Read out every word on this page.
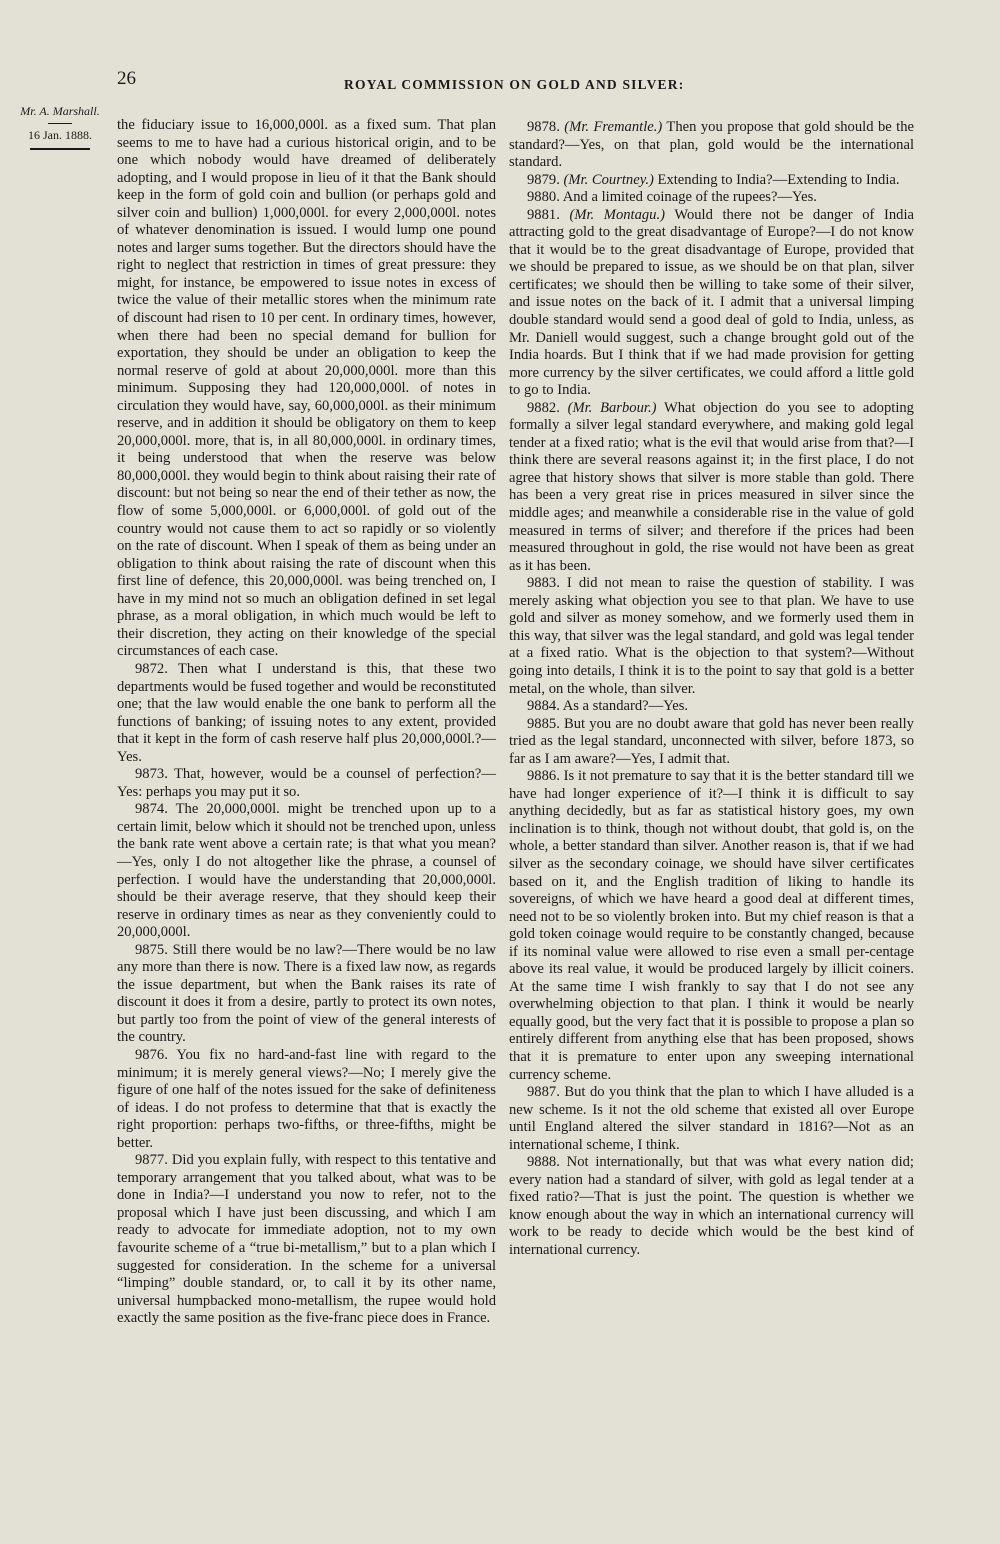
26	ROYAL COMMISSION ON GOLD AND SILVER:
Mr. A. Marshall.
16 Jan. 1888.

the fiduciary issue to 16,000,000l. as a fixed sum. That plan seems to me to have had a curious historical origin, and to be one which nobody would have dreamed of deliberately adopting, and I would propose in lieu of it that the Bank should keep in the form of gold coin and bullion (or perhaps gold and silver coin and bullion) 1,000,000l. for every 2,000,000l. notes of whatever denomination is issued. I would lump one pound notes and larger sums together. But the directors should have the right to neglect that restriction in times of great pressure: they might, for instance, be empowered to issue notes in excess of twice the value of their metallic stores when the minimum rate of discount had risen to 10 per cent. In ordinary times, however, when there had been no special demand for bullion for exportation, they should be under an obligation to keep the normal reserve of gold at about 20,000,000l. more than this minimum. Supposing they had 120,000,000l. of notes in circulation they would have, say, 60,000,000l. as their minimum reserve, and in addition it should be obligatory on them to keep 20,000,000l. more, that is, in all 80,000,000l. in ordinary times, it being understood that when the reserve was below 80,000,000l. they would begin to think about raising their rate of discount: but not being so near the end of their tether as now, the flow of some 5,000,000l. or 6,000,000l. of gold out of the country would not cause them to act so rapidly or so violently on the rate of discount. When I speak of them as being under an obligation to think about raising the rate of discount when this first line of defence, this 20,000,000l. was being trenched on, I have in my mind not so much an obligation defined in set legal phrase, as a moral obligation, in which much would be left to their discretion, they acting on their knowledge of the special circumstances of each case.

9872. Then what I understand is this, that these two departments would be fused together and would be reconstituted one; that the law would enable the one bank to perform all the functions of banking; of issuing notes to any extent, provided that it kept in the form of cash reserve half plus 20,000,000l.?—Yes.

9873. That, however, would be a counsel of perfection?—Yes: perhaps you may put it so.

9874. The 20,000,000l. might be trenched upon up to a certain limit, below which it should not be trenched upon, unless the bank rate went above a certain rate; is that what you mean?—Yes, only I do not altogether like the phrase, a counsel of perfection. I would have the understanding that 20,000,000l. should be their average reserve, that they should keep their reserve in ordinary times as near as they conveniently could to 20,000,000l.

9875. Still there would be no law?—There would be no law any more than there is now. There is a fixed law now, as regards the issue department, but when the Bank raises its rate of discount it does it from a desire, partly to protect its own notes, but partly too from the point of view of the general interests of the country.

9876. You fix no hard-and-fast line with regard to the minimum; it is merely general views?—No; I merely give the figure of one half of the notes issued for the sake of definiteness of ideas. I do not profess to determine that that is exactly the right proportion: perhaps two-fifths, or three-fifths, might be better.

9877. Did you explain fully, with respect to this tentative and temporary arrangement that you talked about, what was to be done in India?—I understand you now to refer, not to the proposal which I have just been discussing, and which I am ready to advocate for immediate adoption, not to my own favourite scheme of a “true bi-metallism,” but to a plan which I suggested for consideration. In the scheme for a universal “limping” double standard, or, to call it by its other name, universal humpbacked mono-metallism, the rupee would hold exactly the same position as the five-franc piece does in France.

9878. (Mr. Fremantle.) Then you propose that gold should be the standard?—Yes, on that plan, gold would be the international standard.

9879. (Mr. Courtney.) Extending to India?—Extending to India.

9880. And a limited coinage of the rupees?—Yes.

9881. (Mr. Montagu.) Would there not be danger of India attracting gold to the great disadvantage of Europe?—I do not know that it would be to the great disadvantage of Europe, provided that we should be prepared to issue, as we should be on that plan, silver certificates; we should then be willing to take some of their silver, and issue notes on the back of it. I admit that a universal limping double standard would send a good deal of gold to India, unless, as Mr. Daniell would suggest, such a change brought gold out of the India hoards. But I think that if we had made provision for getting more currency by the silver certificates, we could afford a little gold to go to India.

9882. (Mr. Barbour.) What objection do you see to adopting formally a silver legal standard everywhere, and making gold legal tender at a fixed ratio; what is the evil that would arise from that?—I think there are several reasons against it; in the first place, I do not agree that history shows that silver is more stable than gold. There has been a very great rise in prices measured in silver since the middle ages; and meanwhile a considerable rise in the value of gold measured in terms of silver; and therefore if the prices had been measured throughout in gold, the rise would not have been as great as it has been.

9883. I did not mean to raise the question of stability. I was merely asking what objection you see to that plan. We have to use gold and silver as money somehow, and we formerly used them in this way, that silver was the legal standard, and gold was legal tender at a fixed ratio. What is the objection to that system?—Without going into details, I think it is to the point to say that gold is a better metal, on the whole, than silver.

9884. As a standard?—Yes.

9885. But you are no doubt aware that gold has never been really tried as the legal standard, unconnected with silver, before 1873, so far as I am aware?—Yes, I admit that.

9886. Is it not premature to say that it is the better standard till we have had longer experience of it?—I think it is difficult to say anything decidedly, but as far as statistical history goes, my own inclination is to think, though not without doubt, that gold is, on the whole, a better standard than silver. Another reason is, that if we had silver as the secondary coinage, we should have silver certificates based on it, and the English tradition of liking to handle its sovereigns, of which we have heard a good deal at different times, need not to be so violently broken into. But my chief reason is that a gold token coinage would require to be constantly changed, because if its nominal value were allowed to rise even a small per-centage above its real value, it would be produced largely by illicit coiners. At the same time I wish frankly to say that I do not see any overwhelming objection to that plan. I think it would be nearly equally good, but the very fact that it is possible to propose a plan so entirely different from anything else that has been proposed, shows that it is premature to enter upon any sweeping international currency scheme.

9887. But do you think that the plan to which I have alluded is a new scheme. Is it not the old scheme that existed all over Europe until England altered the silver standard in 1816?—Not as an international scheme, I think.

9888. Not internationally, but that was what every nation did; every nation had a standard of silver, with gold as legal tender at a fixed ratio?—That is just the point. The question is whether we know enough about the way in which an international currency will work to be ready to decide which would be the best kind of international currency.
